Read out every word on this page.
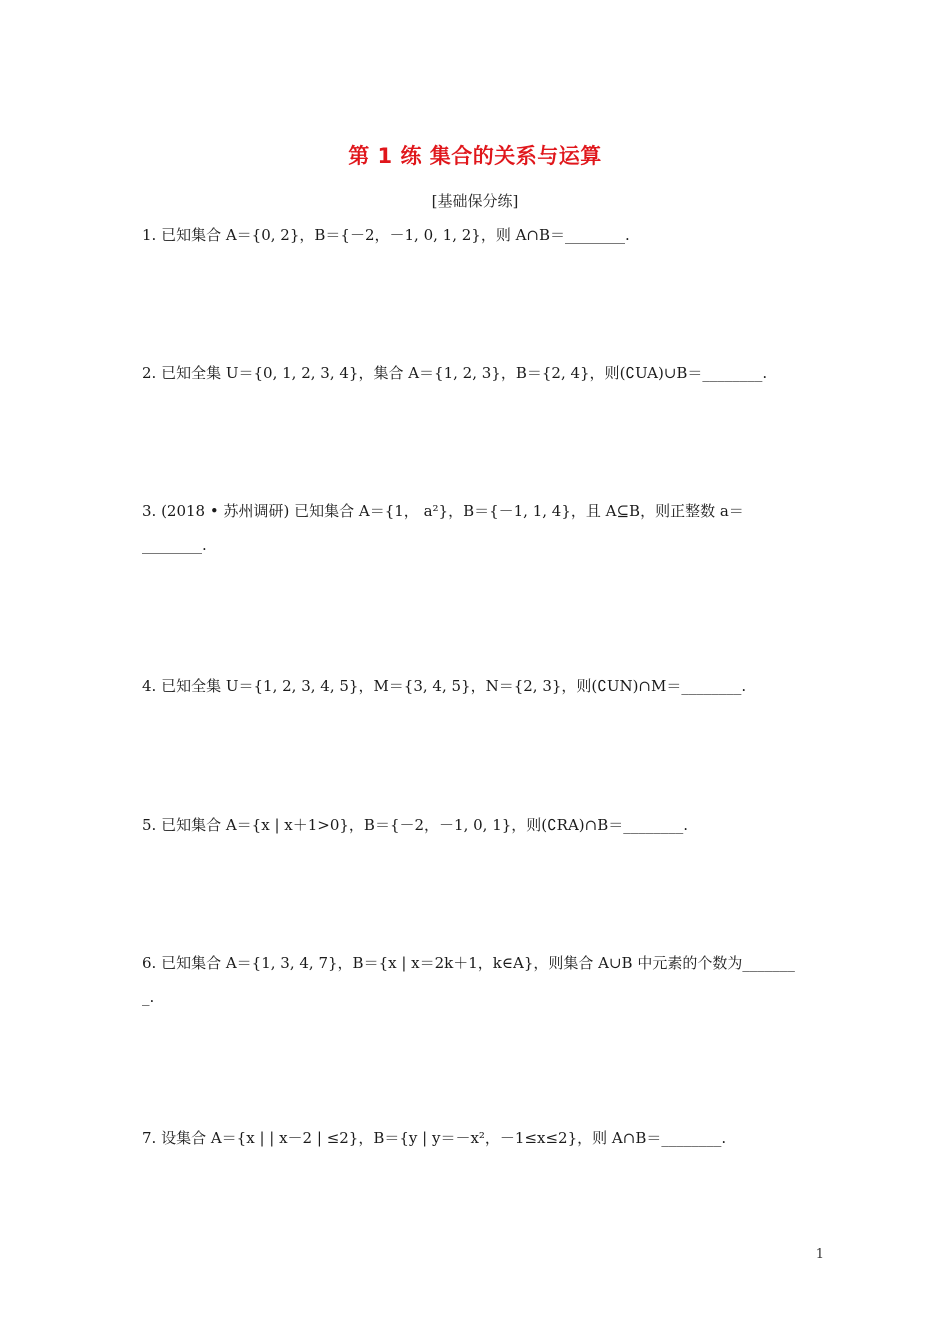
第 1 练 集合的关系与运算
[基础保分练]
1. 已知集合 A＝{0, 2}，B＝{－2，－1, 0, 1, 2}，则 A∩B＝________.
2. 已知全集 U＝{0, 1, 2, 3, 4}，集合 A＝{1, 2, 3}，B＝{2, 4}，则(∁UA)∪B＝________.
3. (2018 • 苏州调研) 已知集合 A＝{1， a²}，B＝{－1, 1, 4}，且 A⊆B，则正整数 a＝
________.
4. 已知全集 U＝{1, 2, 3, 4, 5}，M＝{3, 4, 5}，N＝{2, 3}，则(∁UN)∩M＝________.
5. 已知集合 A＝{x | x＋1>0}，B＝{－2，－1, 0, 1}，则(∁RA)∩B＝________.
6. 已知集合 A＝{1, 3, 4, 7}，B＝{x | x＝2k＋1，k∈A}，则集合 A∪B 中元素的个数为_______
_.
7. 设集合 A＝{x | | x－2 | ≤2}，B＝{y | y＝－x²，－1≤x≤2}，则 A∩B＝________.
1
